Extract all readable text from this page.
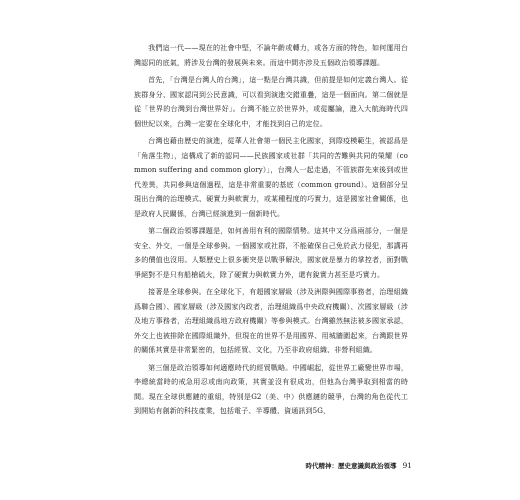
我們這一代——現在的社會中堅，不論年齡或轉力，或各方面的特色，如何運用台灣認同的底氣，將涉及台灣的發展與未來。而這中間亦涉及五個政治領導課題。

首先，「台灣是台灣人的台灣」，這一點是台灣共識，但前提是如何定義台灣人。從族群身分、國家認同到公民意識，可以看到演進交錯重疊，這是一個面向。第二個就是從「世界的台灣到台灣世界好」。台灣不能立於世界外，或從屬論，進入大航海時代四個世紀以來，台灣一定要在全球化中，才能找到自己的定位。

台灣也藉由歷史的演進，從華人社會第一個民主化國家，到際疫模範生，被認爲是「角落生物」，這構成了新的認同——民族國家或社群「共同的苦難與共同的榮耀（common suffering and common glory）」，台灣人一起走過，不管族群先來後到或世代差異，共同參與這個過程，這是非常重要的基底（common ground）。這個部分呈現出台灣的治理模式、硬實力與軟實力，或某種程度的巧實力，這是國家社會關係，也是政府人民關係，台灣已經演進到一個新時代。

第二個政治領導課題是，如何善用有利的國際情勢。這其中又分爲兩部分，一個是安全、外交，一個是全球參與。一個國家或社群，不能確保自己免於武力侵犯，那講再多的價值也沒用。人類歷史上很多衝突是以戰爭解決，國家就是暴力的掌控者，面對戰爭絕對不是只有船槍硫火，除了硬實力與軟實力外，還有銳實力甚至是巧實力。

接著是全球參與。在全球化下，有超國家層級（涉及洲際與國際事務者，治理組織爲聯合國）、國家層級（涉及國家內政者，治理組織爲中央政府機關）、次國家層級（涉及地方事務者，治理組織爲地方政府機關）等參與模式。台灣雖然無法被多國家承認，外交上也被排除在國際組織外，但現在的世界不是用國界、用城牆圍起來，台灣跟世界的關係其實是非常緊密的，包括經貿、文化，乃至非政府組織、非營利組織。

第三個是政治領導如何適應時代的經貿戰略。中國崛起，從世界工廠變世界市場，李總統當時的戒急用忍或南向政策，其實並沒有很成功，但他為台灣爭取到相當的時間。現在全球供應鏈的重組，特別是G2（美、中）供應鏈的競爭，台灣的角色從代工到開始有創新的科技產業，包括電子、半導體、資通訊到5G，

時代精神：歷史意識與政治領導 91
